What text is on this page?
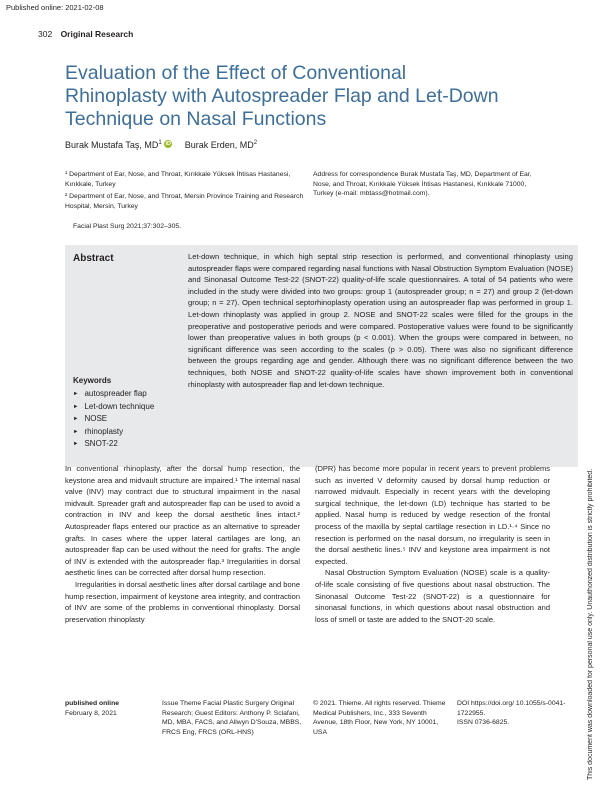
Published online: 2021-02-08
302 Original Research
Evaluation of the Effect of Conventional Rhinoplasty with Autospreader Flap and Let-Down Technique on Nasal Functions
Burak Mustafa Taş, $MD^1$ iD Burak Erden, $MD^2$

¹ Department of Ear, Nose, and Throat, Kırıkkale Yüksek İhtisas Hastanesi, Kırıkkale, Turkey

² Department of Ear, Nose, and Throat, Mersin Province Training and Research Hospital, Mersin, Turkey

Address for correspondence Burak Mustafa Taş, MD, Department of Ear, Nose, and Throat, Kırıkkale Yüksek İhtisas Hastanesi, Kırıkkale 71000, Turkey (e-mail: mbtass@hotmail.com).
Facial Plast Surg 2021;37:302–305.
Abstract	Let-down technique, in which high septal strip resection is performed, and conventional rhinoplasty using autospreader flaps were compared regarding nasal functions with Nasal Obstruction Symptom Evaluation (NOSE) and Sinonasal Outcome Test-22 (SNOT-22) quality-of-life scale questionnaires. A total of 54 patients who were included in the study were divided into two groups: group 1 (autospreader group; n = 27) and group 2 (let-down group; n = 27). Open technical septorhinoplasty operation using an autospreader flap was performed in group 1. Let-down rhinoplasty was applied in group 2. NOSE and SNOT-22 scales were filled for the groups in the preoperative and postoperative periods and were compared. Postoperative values were found to be significantly lower than preoperative values in both groups (p < 0.001). When the groups were compared in between, no significant difference was seen according to the scales (p > 0.05). There was also no significant difference between the groups regarding age and gender. Although there was no significant difference between the two techniques, both NOSE and SNOT-22 quality-of-life scales have shown improvement both in conventional rhinoplasty with autospreader flap and let-down technique.
Keywords
► autospreader flap
► Let-down technique
► NOSE
► rhinoplasty
► SNOT-22

In conventional rhinoplasty, after the dorsal hump resection, the keystone area and midvault structure are impaired.¹ The internal nasal valve (INV) may contract due to structural impairment in the nasal midvault. Spreader graft and autospreader flap can be used to avoid a contraction in INV and keep the dorsal aesthetic lines intact.² Autospreader flaps entered our practice as an alternative to spreader grafts. In cases where the upper lateral cartilages are long, an autospreader flap can be used without the need for grafts. The angle of INV is extended with the autospreader flap.³ Irregularities in dorsal aesthetic lines can be corrected after dorsal hump resection.

Irregularities in dorsal aesthetic lines after dorsal cartilage and bone hump resection, impairment of keystone area integrity, and contraction of INV are some of the problems in conventional rhinoplasty. Dorsal preservation rhinoplasty

(DPR) has become more popular in recent years to prevent problems such as inverted V deformity caused by dorsal hump reduction or narrowed midvault. Especially in recent years with the developing surgical technique, the let-down (LD) technique has started to be applied. Nasal hump is reduced by wedge resection of the frontal process of the maxilla by septal cartilage resection in LD.¹·⁴ Since no resection is performed on the nasal dorsum, no irregularity is seen in the dorsal aesthetic lines.⁵ INV and keystone area impairment is not expected.

Nasal Obstruction Symptom Evaluation (NOSE) scale is a quality-of-life scale consisting of five questions about nasal obstruction. The Sinonasal Outcome Test-22 (SNOT-22) is a questionnaire for sinonasal functions, in which questions about nasal obstruction and loss of smell or taste are added to the SNOT-20 scale.

published online
February 8, 2021
Issue Theme Facial Plastic Surgery Original Research; Guest Editors: Anthony P. Sclafani, MD, MBA, FACS, and Allwyn D'Souza, MBBS, FRCS Eng, FRCS (ORL-HNS)
© 2021. Thieme. All rights reserved. Thieme Medical Publishers, Inc., 333 Seventh Avenue, 18th Floor, New York, NY 10001, USA
DOI https://doi.org/ 10.1055/s-0041-1722955.
ISSN 0736-6825.	This document was downloaded for personal use only. Unauthorized distribution is strictly prohibited.
